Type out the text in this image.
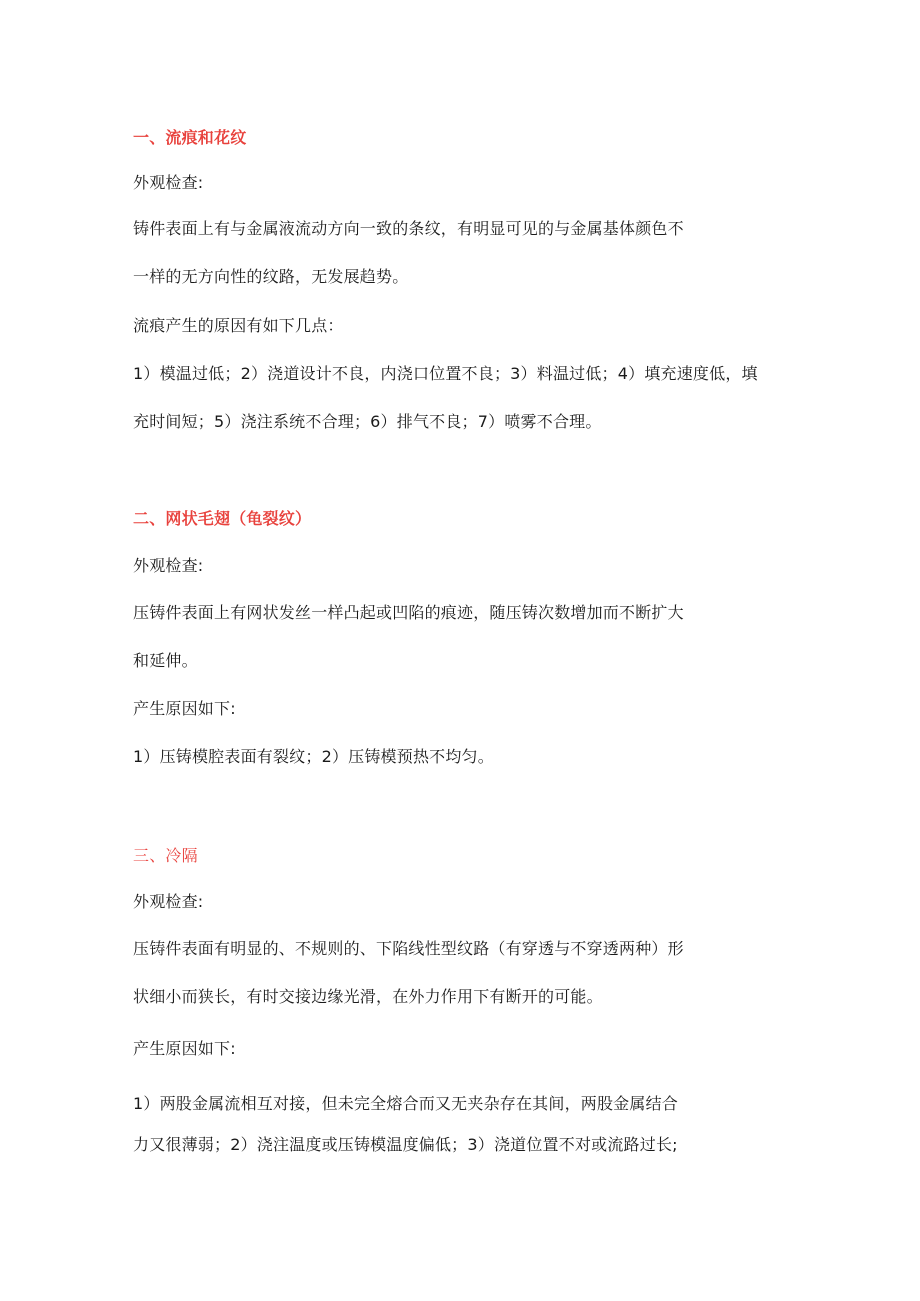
一、流痕和花纹
外观检查:
铸件表面上有与金属液流动方向一致的条纹，有明显可见的与金属基体颜色不
一样的无方向性的纹路，无发展趋势。
流痕产生的原因有如下几点：
1）模温过低；2）浇道设计不良，内浇口位置不良；3）料温过低；4）填充速度低，填
充时间短；5）浇注系统不合理；6）排气不良；7）喷雾不合理。
二、网状毛翅（龟裂纹）
外观检查:
压铸件表面上有网状发丝一样凸起或凹陷的痕迹，随压铸次数增加而不断扩大
和延伸。
产生原因如下:
1）压铸模腔表面有裂纹；2）压铸模预热不均匀。
三、冷隔
外观检查:
压铸件表面有明显的、不规则的、下陷线性型纹路（有穿透与不穿透两种）形
状细小而狭长，有时交接边缘光滑，在外力作用下有断开的可能。
产生原因如下:
1）两股金属流相互对接，但未完全熔合而又无夹杂存在其间，两股金属结合
力又很薄弱；2）浇注温度或压铸模温度偏低；3）浇道位置不对或流路过长;
